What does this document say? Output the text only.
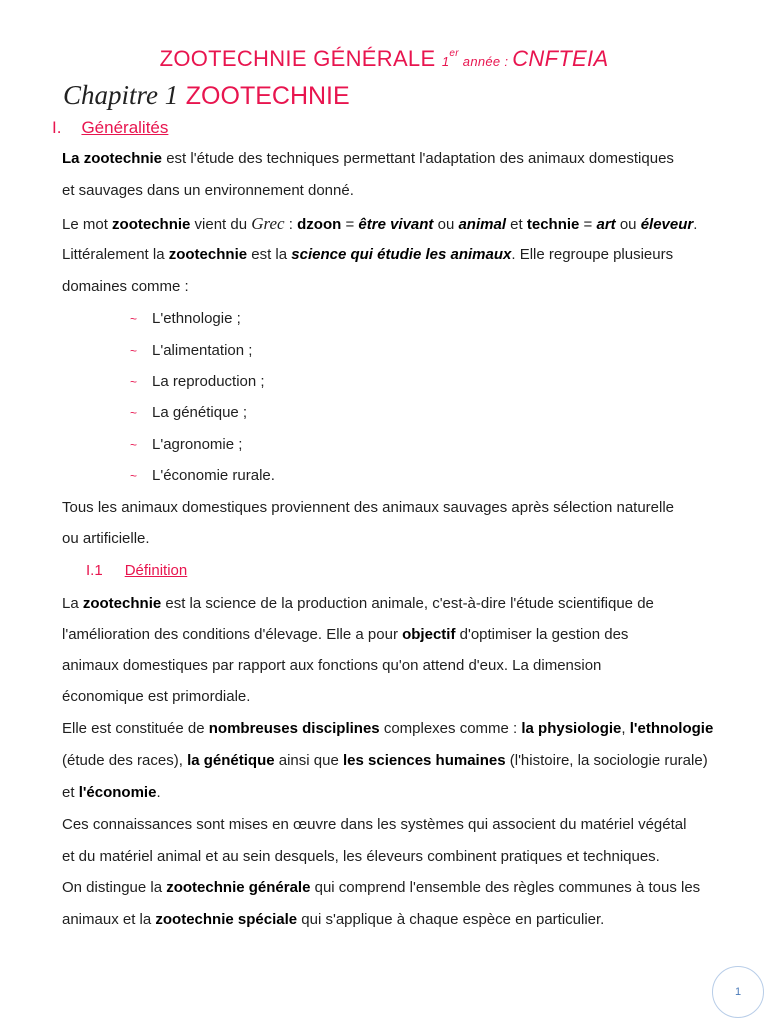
ZOOTECHNIE GÉNÉRALE 1er année : CNFTEIA
Chapitre 1 ZOOTECHNIE
I. Généralités
La zootechnie est l'étude des techniques permettant l'adaptation des animaux domestiques
et sauvages dans un environnement donné.
Le mot zootechnie vient du Grec : dzoon = être vivant ou animal et technie = art ou éleveur.
Littéralement la zootechnie est la science qui étudie les animaux. Elle regroupe plusieurs
domaines comme :
~ L'ethnologie ;
~ L'alimentation ;
~ La reproduction ;
~ La génétique ;
~ L'agronomie ;
~ L'économie rurale.
Tous les animaux domestiques proviennent des animaux sauvages après sélection naturelle
ou artificielle.
I.1 Définition
La zootechnie est la science de la production animale, c'est-à-dire l'étude scientifique de
l'amélioration des conditions d'élevage. Elle a pour objectif d'optimiser la gestion des
animaux domestiques par rapport aux fonctions qu'on attend d'eux. La dimension
économique est primordiale.
Elle est constituée de nombreuses disciplines complexes comme : la physiologie, l'ethnologie
(étude des races), la génétique ainsi que les sciences humaines (l'histoire, la sociologie rurale)
et l'économie.
Ces connaissances sont mises en œuvre dans les systèmes qui associent du matériel végétal
et du matériel animal et au sein desquels, les éleveurs combinent pratiques et techniques.
On distingue la zootechnie générale qui comprend l'ensemble des règles communes à tous les
animaux et la zootechnie spéciale qui s'applique à chaque espèce en particulier.
1
